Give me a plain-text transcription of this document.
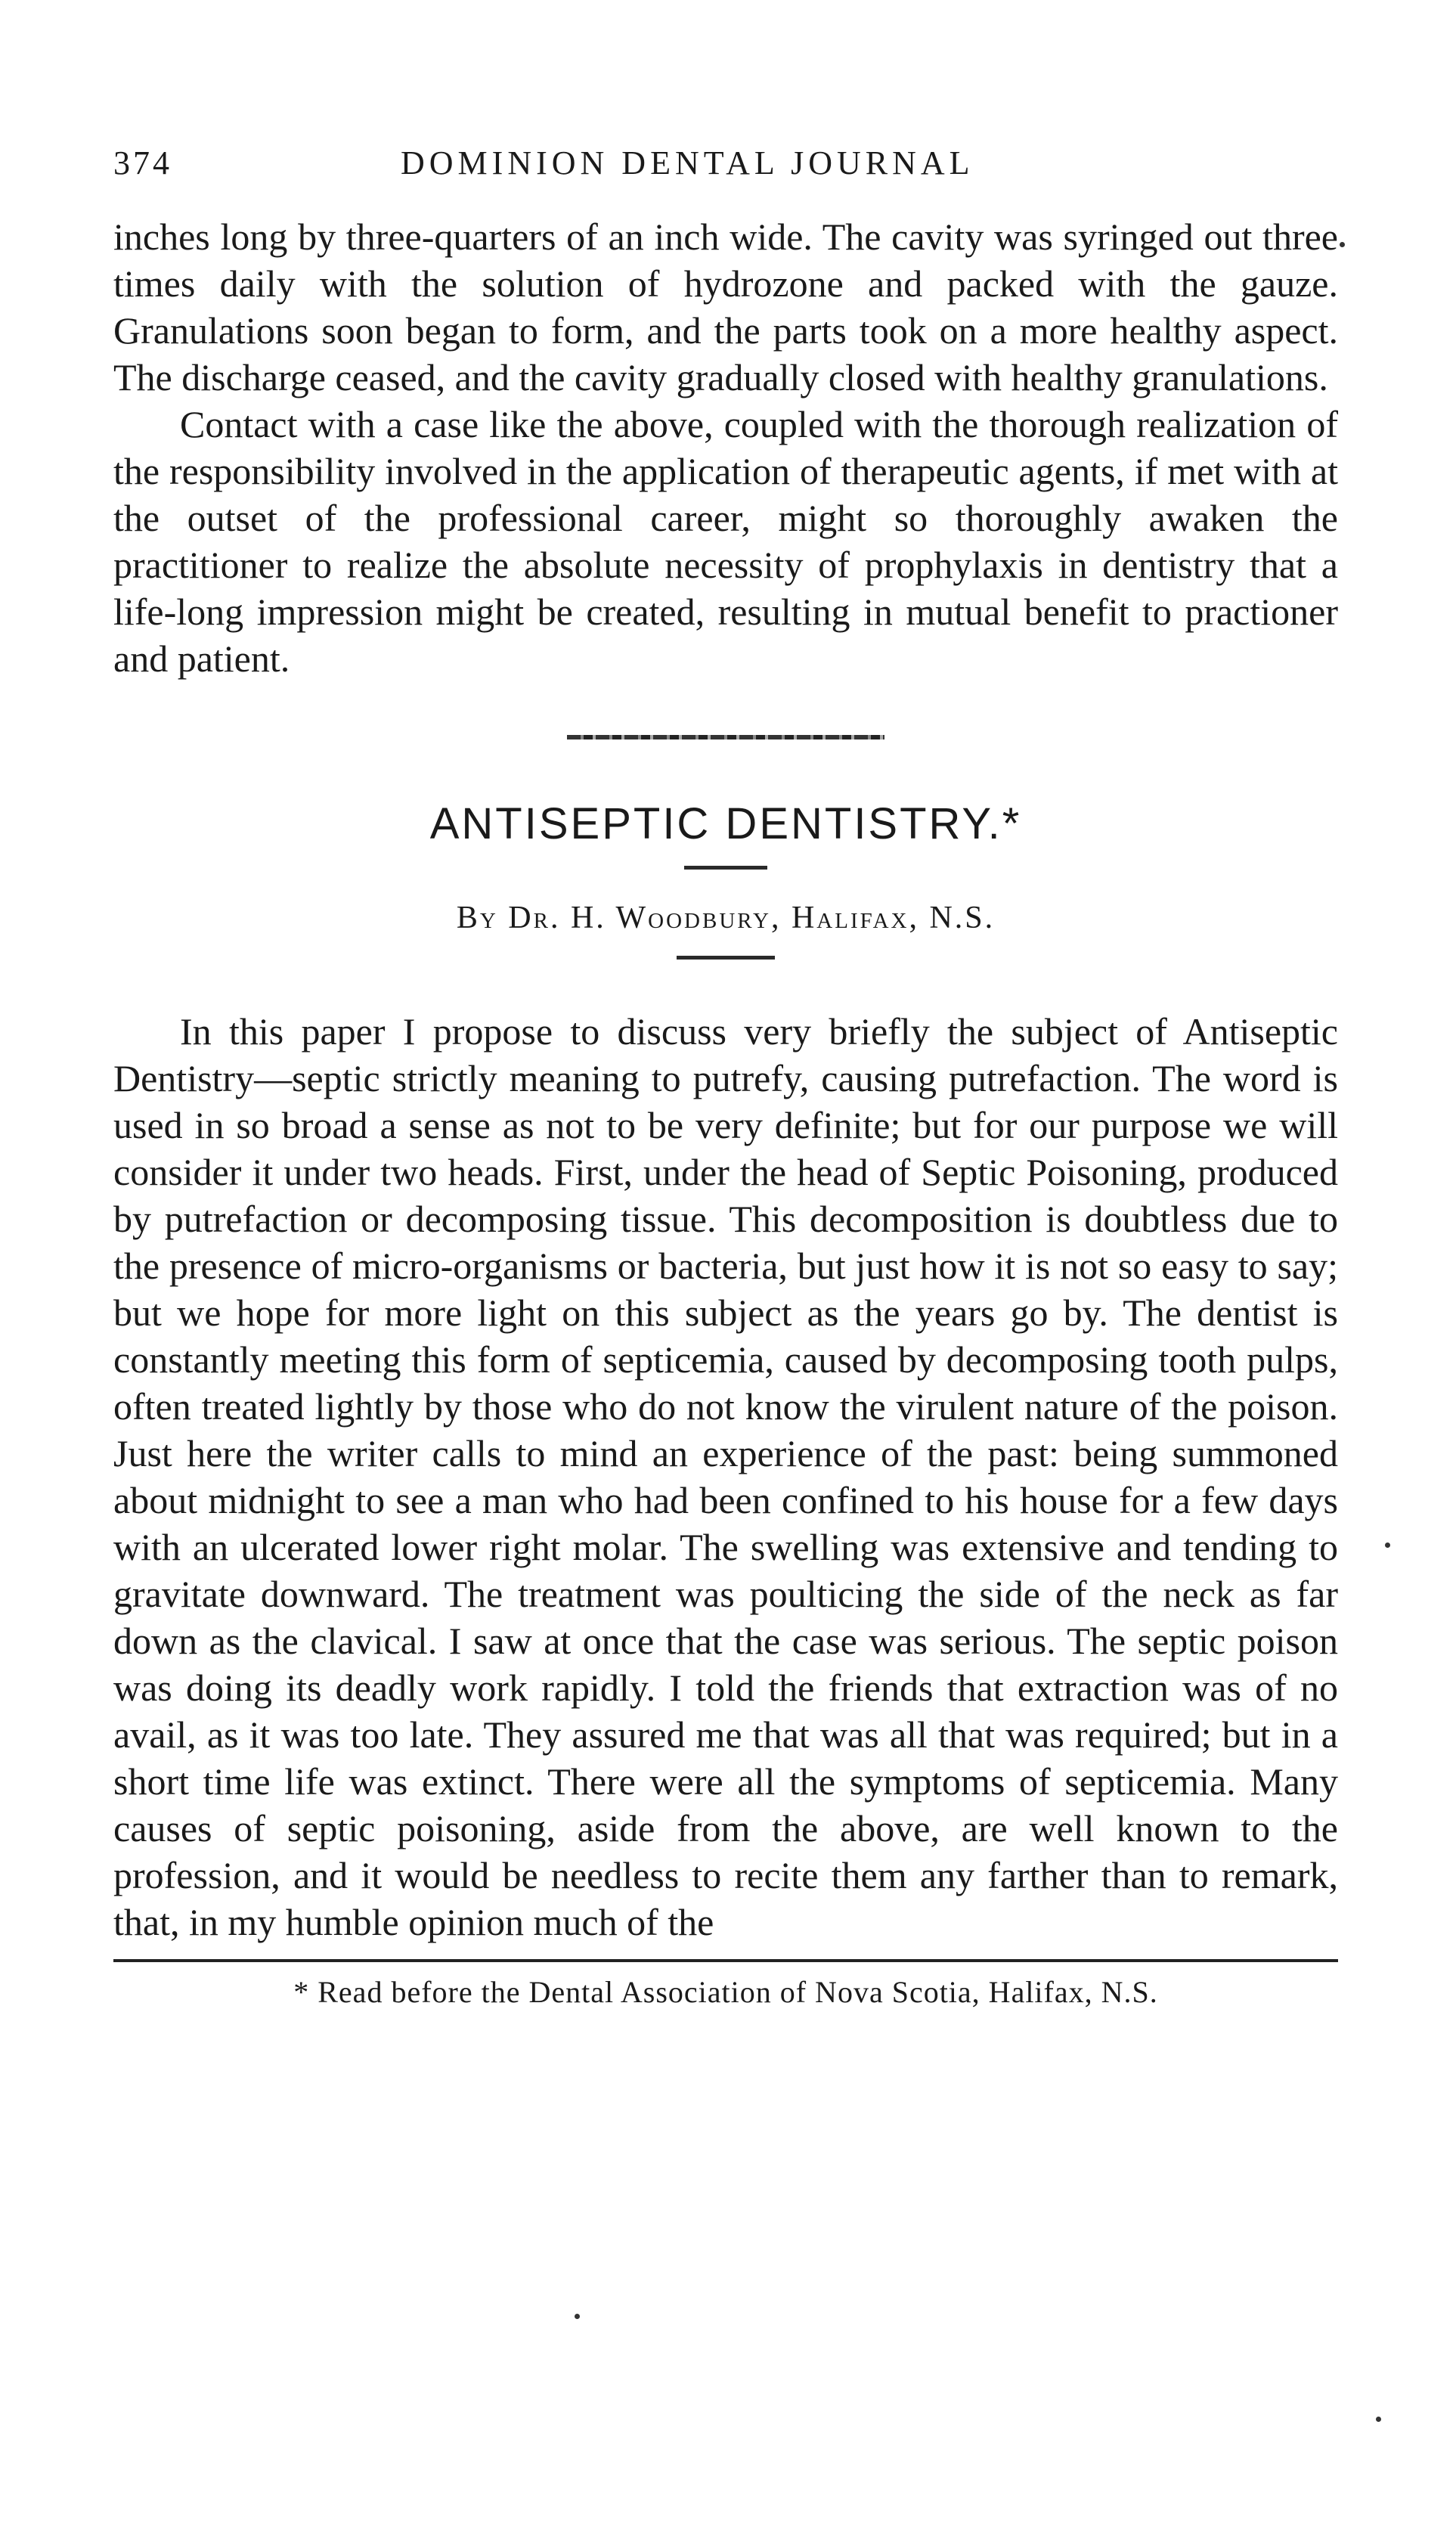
374	DOMINION DENTAL JOURNAL

inches long by three-quarters of an inch wide. The cavity was syringed out three times daily with the solution of hydrozone and packed with the gauze. Granulations soon began to form, and the parts took on a more healthy aspect. The discharge ceased, and the cavity gradually closed with healthy granulations.

Contact with a case like the above, coupled with the thorough realization of the responsibility involved in the application of therapeutic agents, if met with at the outset of the professional career, might so thoroughly awaken the practitioner to realize the absolute necessity of prophylaxis in dentistry that a life-long impression might be created, resulting in mutual benefit to practioner and patient.

ANTISEPTIC DENTISTRY.*
By Dr. H. Woodbury, Halifax, N.S.

In this paper I propose to discuss very briefly the subject of Antiseptic Dentistry—septic strictly meaning to putrefy, causing putrefaction. The word is used in so broad a sense as not to be very definite; but for our purpose we will consider it under two heads. First, under the head of Septic Poisoning, produced by putrefaction or decomposing tissue. This decomposition is doubtless due to the presence of micro-organisms or bacteria, but just how it is not so easy to say; but we hope for more light on this subject as the years go by. The dentist is constantly meeting this form of septicemia, caused by decomposing tooth pulps, often treated lightly by those who do not know the virulent nature of the poison. Just here the writer calls to mind an experience of the past: being summoned about midnight to see a man who had been confined to his house for a few days with an ulcerated lower right molar. The swelling was extensive and tending to gravitate downward. The treatment was poulticing the side of the neck as far down as the clavical. I saw at once that the case was serious. The septic poison was doing its deadly work rapidly. I told the friends that extraction was of no avail, as it was too late. They assured me that was all that was required; but in a short time life was extinct. There were all the symptoms of septicemia. Many causes of septic poisoning, aside from the above, are well known to the profession, and it would be needless to recite them any farther than to remark, that, in my humble opinion much of the

* Read before the Dental Association of Nova Scotia, Halifax, N.S.
